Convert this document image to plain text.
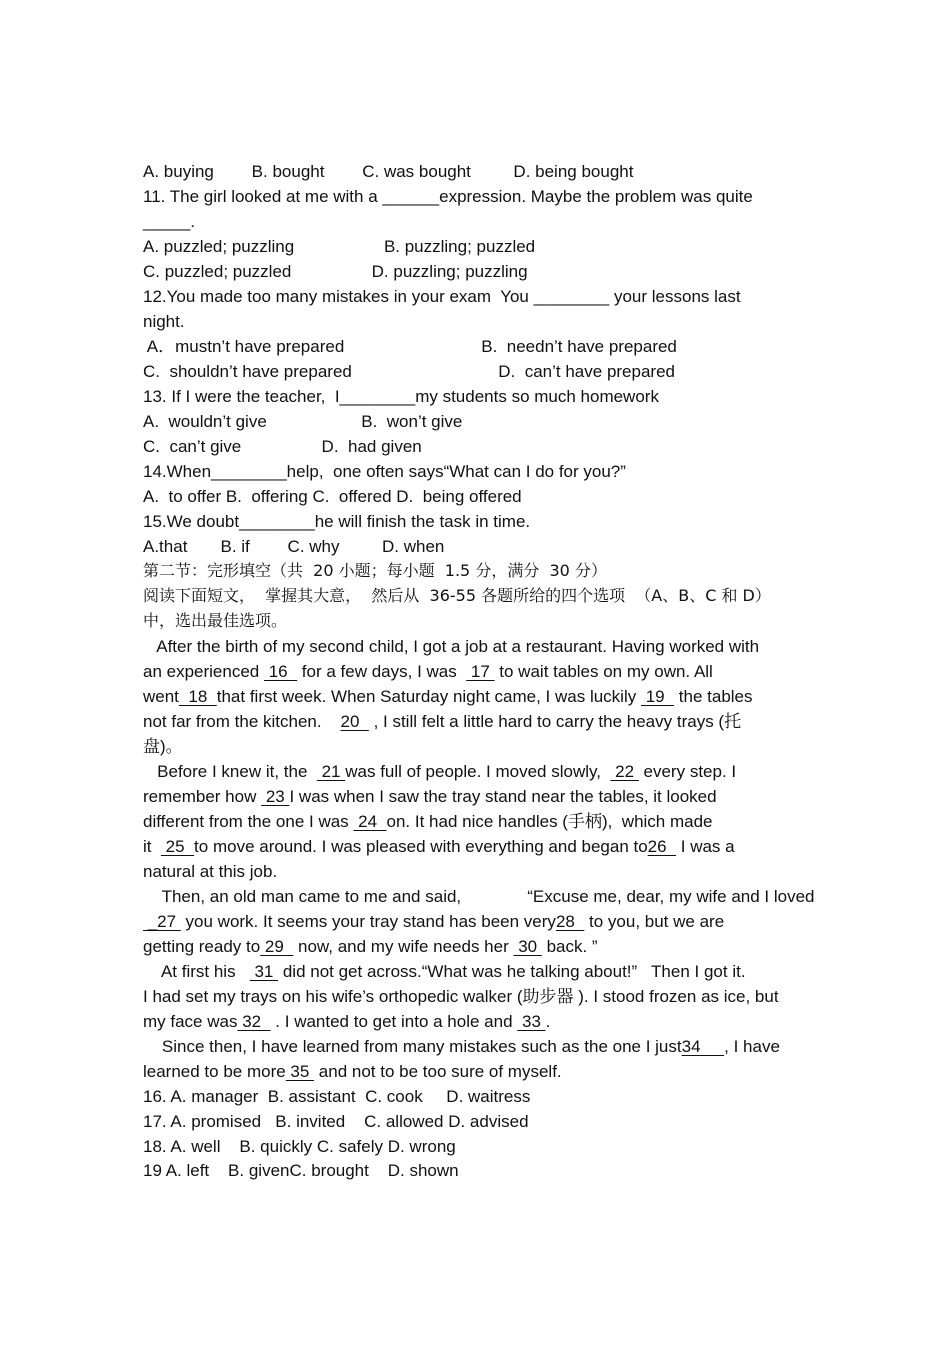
A. buying        B. bought        C. was bought         D. being bought
11. The girl looked at me with a ______expression. Maybe the problem was quite
_____.
A. puzzled; puzzling                   B. puzzling; puzzled
C. puzzled; puzzled                 D. puzzling; puzzling
12.You made too many mistakes in your exam  You ________ your lessons last
night.
A．mustn’t have prepared                             B.  needn’t have prepared
C.  shouldn’t have prepared                               D.  can’t have prepared
13. If I were the teacher,  I________my students so much homework
A.  wouldn’t give                    B.  won’t give
C.  can’t give                 D.  had given
14.When________help,  one often says“What can I do for you?”
A.  to offer B.  offering C.  offered D.  being offered
15.We doubt________he will finish the task in time.
A.that       B. if        C. why         D. when
第二节：完形填空（共  20 小题；每小题  1.5 分，满分  30 分）
阅读下面短文，  掌握其大意，  然后从  36-55 各题所给的四个选项  （A、B、C 和 D）
中，选出最佳选项。
After the birth of my second child, I got a job at a restaurant. Having worked with
an experienced  16   for a few days, I was   17  to wait tables on my own. All
went  18  that first week. When Saturday night came, I was luckily  19   the tables
not far from the kitchen.    20   , I still felt a little hard to carry the heavy trays (托
盘)。
Before I knew it, the   21 was full of people. I moved slowly,   22  every step. I
remember how  23 I was when I saw the tray stand near the tables, it looked
different from the one I was  24  on. It had nice handles (手柄),  which made
it   25  to move around. I was pleased with everything and began to26   I was a
natural at this job.
Then, an old man came to me and said,              “Excuse me, dear, my wife and I loved
_27  you work. It seems your tray stand has been very28   to you, but we are
getting ready to 29   now, and my wife needs her  30  back. ”
At first his    31  did not get across.“What was he talking about!”   Then I got it.
I had set my trays on his wife’s orthopedic walker (助步器 ). I stood frozen as ice, but
my face was 32   . I wanted to get into a hole and  33 .
Since then, I have learned from many mistakes such as the one I just34     , I have
learned to be more 35  and not to be too sure of myself.
16. A. manager  B. assistant  C. cook     D. waitress
17. A. promised   B. invited    C. allowed D. advised
18. A. well    B. quickly C. safely D. wrong
19 A. left    B. givenC. brought    D. shown
